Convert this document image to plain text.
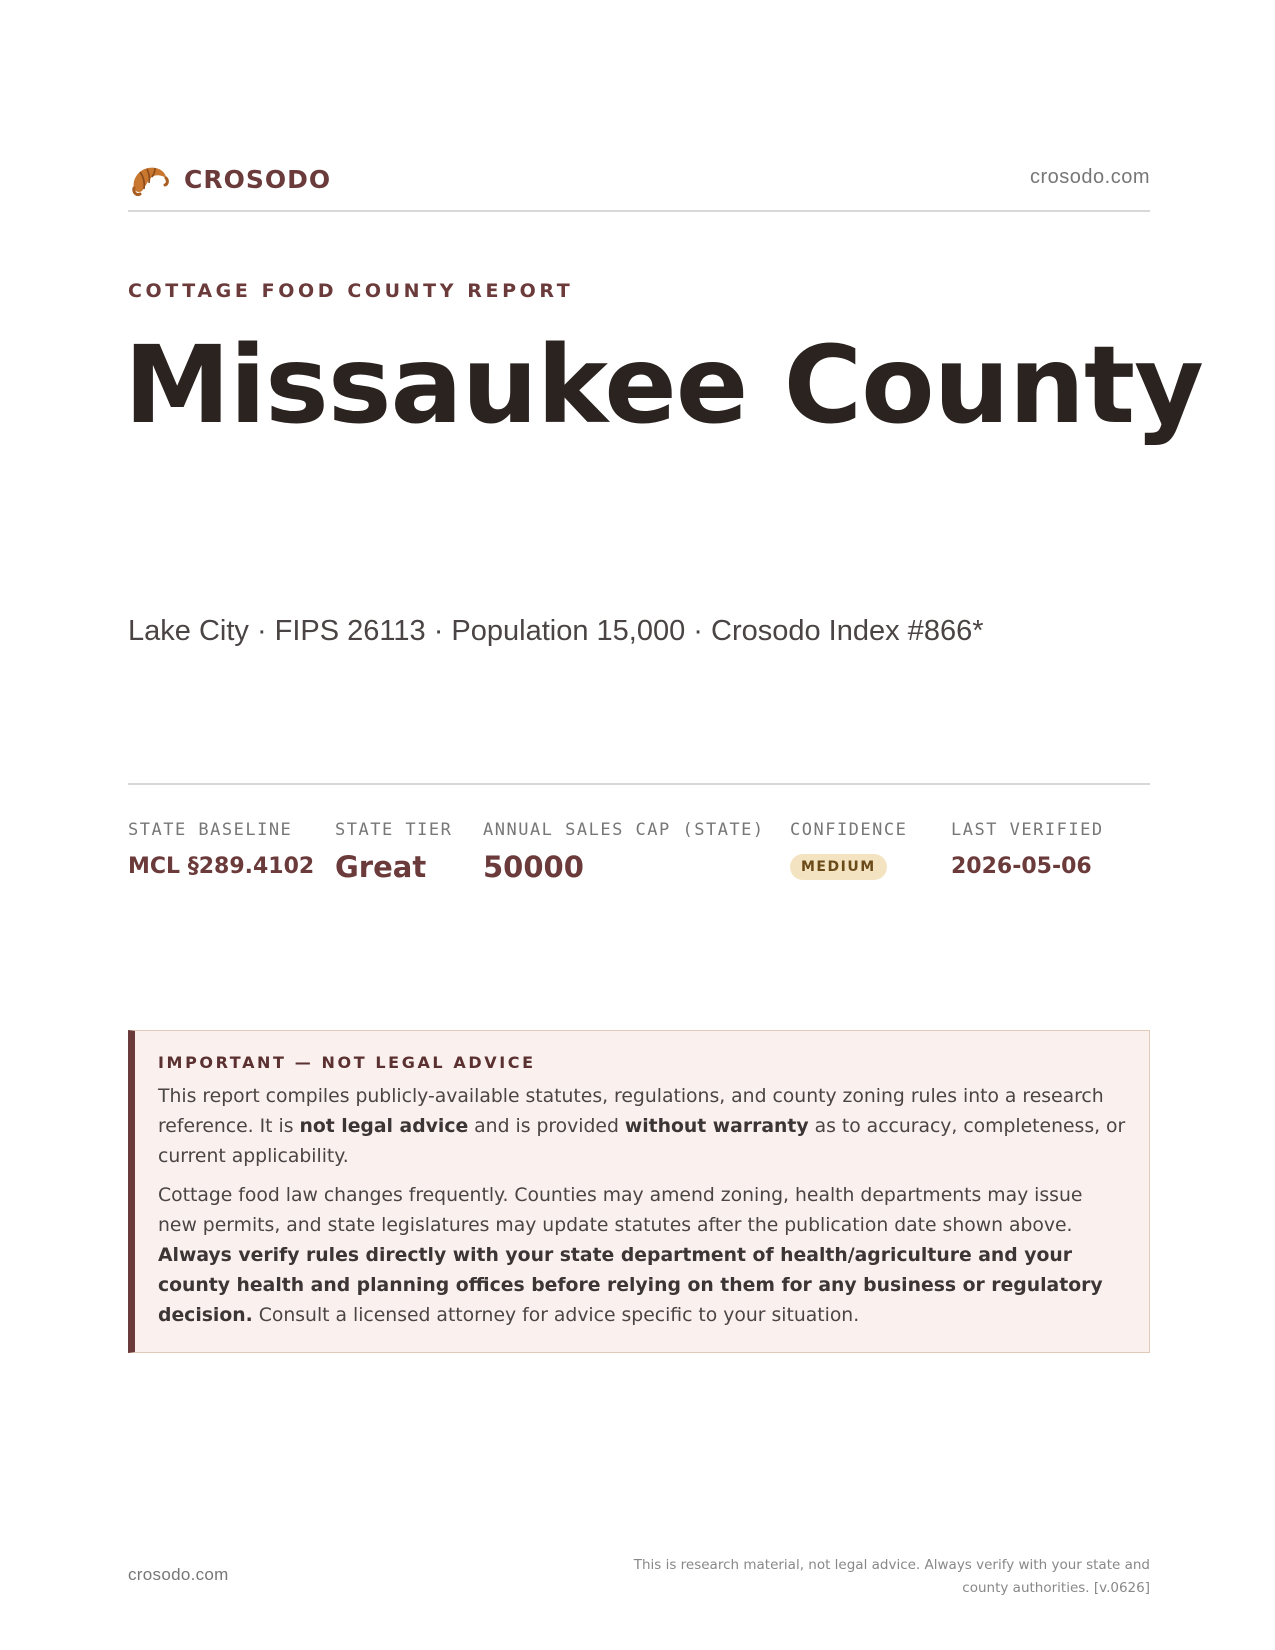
CROSODO	crosodo.com
COTTAGE FOOD COUNTY REPORT
Missaukee County
Lake City · FIPS 26113 · Population 15,000 · Crosodo Index #866*
STATE BASELINE
MCL §289.4102
STATE TIER
Great
ANNUAL SALES CAP (STATE)
50000
CONFIDENCE
MEDIUM
LAST VERIFIED
2026-05-06
IMPORTANT — NOT LEGAL ADVICE

This report compiles publicly-available statutes, regulations, and county zoning rules into a research reference. It is not legal advice and is provided without warranty as to accuracy, completeness, or current applicability.

Cottage food law changes frequently. Counties may amend zoning, health departments may issue new permits, and state legislatures may update statutes after the publication date shown above. Always verify rules directly with your state department of health/agriculture and your county health and planning offices before relying on them for any business or regulatory decision. Consult a licensed attorney for advice specific to your situation.

crosodo.com	This is research material, not legal advice. Always verify with your state and county authorities. [v.0626]
